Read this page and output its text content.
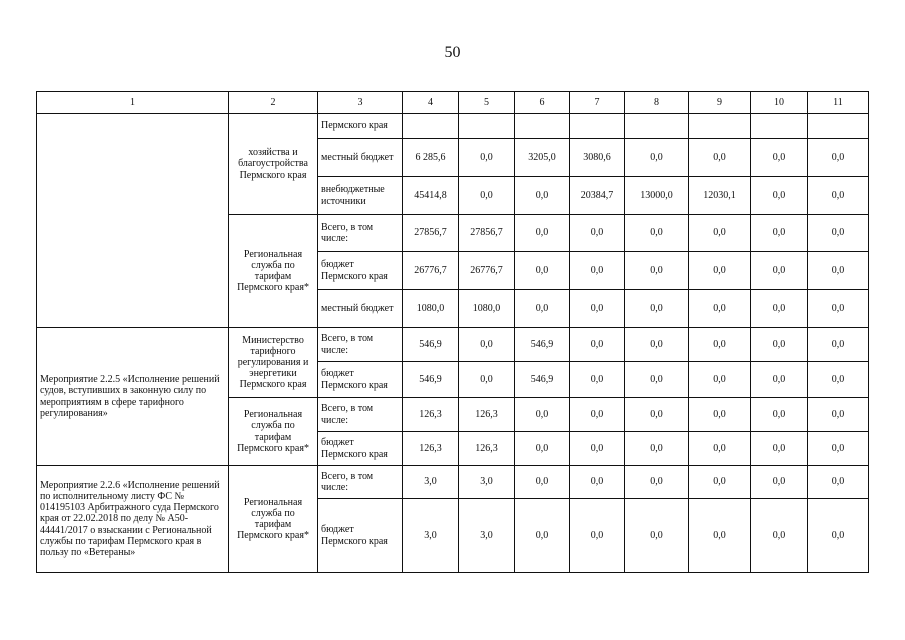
50
1	2	3	4	5	6	7	8	9	10	11
	хозяйства и благоустройства Пермского края	Пермского края								
		местный бюджет	6 285,6	0,0	3205,0	3080,6	0,0	0,0	0,0	0,0
		внебюджетные источники	45414,8	0,0	0,0	20384,7	13000,0	12030,1	0,0	0,0
	Региональная служба по тарифам Пермского края*	Всего, в том числе:	27856,7	27856,7	0,0	0,0	0,0	0,0	0,0	0,0
		бюджет Пермского края	26776,7	26776,7	0,0	0,0	0,0	0,0	0,0	0,0
		местный бюджет	1080,0	1080,0	0,0	0,0	0,0	0,0	0,0	0,0
Мероприятие 2.2.5 «Исполнение решений судов, вступивших в законную силу по мероприятиям в сфере тарифного регулирования»	Министерство тарифного регулирования и энергетики Пермского края	Всего, в том числе:	546,9	0,0	546,9	0,0	0,0	0,0	0,0	0,0
		бюджет Пермского края	546,9	0,0	546,9	0,0	0,0	0,0	0,0	0,0
	Региональная служба по тарифам Пермского края*	Всего, в том числе:	126,3	126,3	0,0	0,0	0,0	0,0	0,0	0,0
		бюджет Пермского края	126,3	126,3	0,0	0,0	0,0	0,0	0,0	0,0
Мероприятие 2.2.6 «Исполнение решений по исполнительному листу ФС № 014195103 Арбитражного суда Пермского края от 22.02.2018 по делу № А50-44441/2017 о взыскании с Региональной службы по тарифам Пермского края в пользу по «Ветераны»	Региональная служба по тарифам Пермского края*	Всего, в том числе:	3,0	3,0	0,0	0,0	0,0	0,0	0,0	0,0
		бюджет Пермского края	3,0	3,0	0,0	0,0	0,0	0,0	0,0	0,0
